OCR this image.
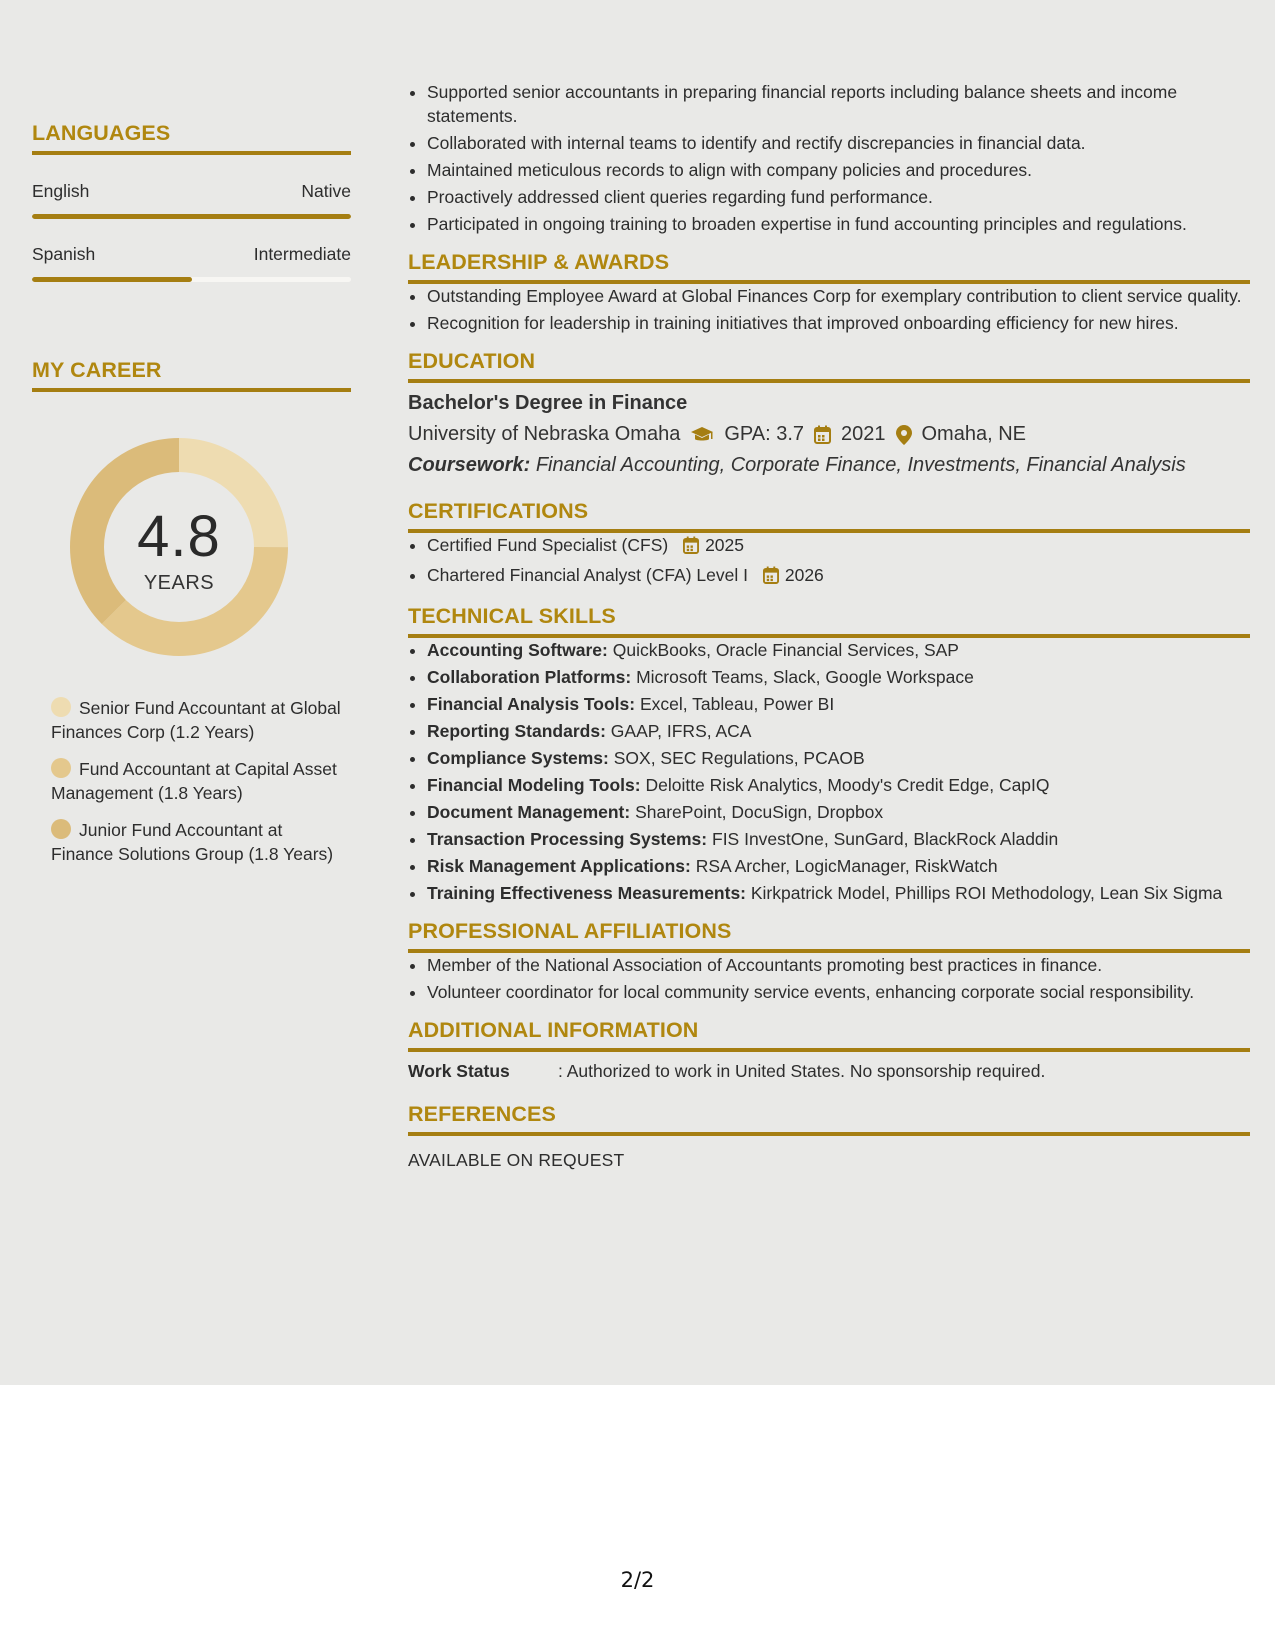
LANGUAGES
English	Native
Spanish	Intermediate
MY CAREER
4.8
YEARS
Senior Fund Accountant at Global Finances Corp (1.2 Years)
Fund Accountant at Capital Asset Management (1.8 Years)
Junior Fund Accountant at Finance Solutions Group (1.8 Years)
• Supported senior accountants in preparing financial reports including balance sheets and income statements.
• Collaborated with internal teams to identify and rectify discrepancies in financial data.
• Maintained meticulous records to align with company policies and procedures.
• Proactively addressed client queries regarding fund performance.
• Participated in ongoing training to broaden expertise in fund accounting principles and regulations.
LEADERSHIP & AWARDS
• Outstanding Employee Award at Global Finances Corp for exemplary contribution to client service quality.
• Recognition for leadership in training initiatives that improved onboarding efficiency for new hires.
EDUCATION
Bachelor's Degree in Finance
University of Nebraska Omaha GPA: 3.7 2021 Omaha, NE
Coursework: Financial Accounting, Corporate Finance, Investments, Financial Analysis
CERTIFICATIONS
• Certified Fund Specialist (CFS) 2025
• Chartered Financial Analyst (CFA) Level I 2026
TECHNICAL SKILLS
• Accounting Software: QuickBooks, Oracle Financial Services, SAP
• Collaboration Platforms: Microsoft Teams, Slack, Google Workspace
• Financial Analysis Tools: Excel, Tableau, Power BI
• Reporting Standards: GAAP, IFRS, ACA
• Compliance Systems: SOX, SEC Regulations, PCAOB
• Financial Modeling Tools: Deloitte Risk Analytics, Moody's Credit Edge, CapIQ
• Document Management: SharePoint, DocuSign, Dropbox
• Transaction Processing Systems: FIS InvestOne, SunGard, BlackRock Aladdin
• Risk Management Applications: RSA Archer, LogicManager, RiskWatch
• Training Effectiveness Measurements: Kirkpatrick Model, Phillips ROI Methodology, Lean Six Sigma
PROFESSIONAL AFFILIATIONS
• Member of the National Association of Accountants promoting best practices in finance.
• Volunteer coordinator for local community service events, enhancing corporate social responsibility.
ADDITIONAL INFORMATION
Work Status	: Authorized to work in United States. No sponsorship required.
REFERENCES
AVAILABLE ON REQUEST
2/2
